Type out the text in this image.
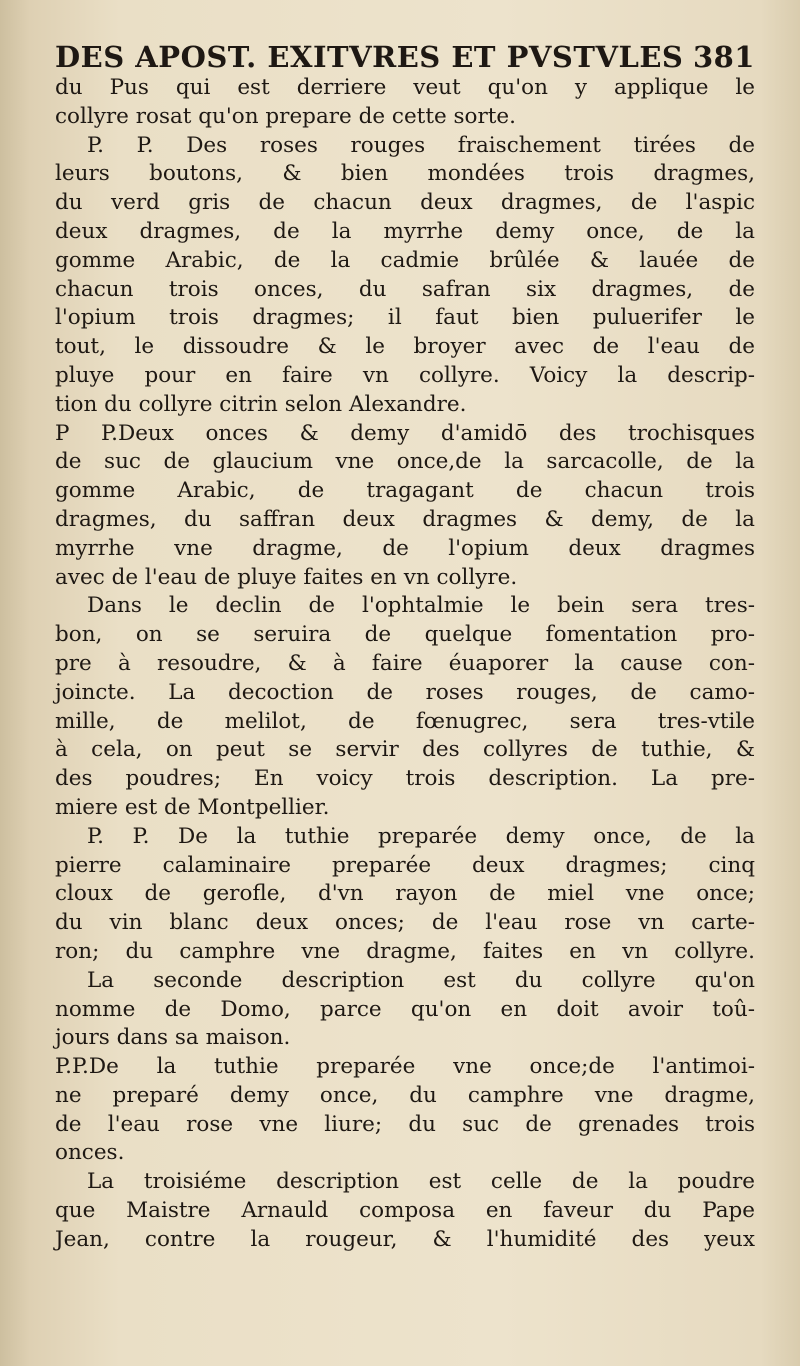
DES APOST. EXITVRES ET PVSTVLES 381
du Pus qui est derriere veut qu'on y applique le
collyre rosat qu'on prepare de cette sorte.
P. P. Des roses rouges fraischement tirées de
leurs boutons, & bien mondées trois dragmes,
du verd gris de chacun deux dragmes, de l'aspic
deux dragmes, de la myrrhe demy once, de la
gomme Arabic, de la cadmie brûlée & lauée de
chacun trois onces, du safran six dragmes, de
l'opium trois dragmes; il faut bien puluerifer le
tout, le dissoudre & le broyer avec de l'eau de
pluye pour en faire vn collyre. Voicy la descrip-
tion du collyre citrin selon Alexandre.
P P.Deux onces & demy d'amidō des trochisques
de suc de glaucium vne once,de la sarcacolle, de la
gomme Arabic, de tragagant de chacun trois
dragmes, du saffran deux dragmes & demy, de la
myrrhe vne dragme, de l'opium deux dragmes
avec de l'eau de pluye faites en vn collyre.
Dans le declin de l'ophtalmie le bein sera tres-
bon, on se seruira de quelque fomentation pro-
pre à resoudre, & à faire éuaporer la cause con-
joincte. La decoction de roses rouges, de camo-
mille, de melilot, de fœnugrec, sera tres-vtile
à cela, on peut se servir des collyres de tuthie, &
des poudres; En voicy trois description. La pre-
miere est de Montpellier.
P. P. De la tuthie preparée demy once, de la
pierre calaminaire preparée deux dragmes; cinq
cloux de gerofle, d'vn rayon de miel vne once;
du vin blanc deux onces; de l'eau rose vn carte-
ron; du camphre vne dragme, faites en vn collyre.
La seconde description est du collyre qu'on
nomme de Domo, parce qu'on en doit avoir toû-
jours dans sa maison.
P.P.De la tuthie preparée vne once;de l'antimoi-
ne preparé demy once, du camphre vne dragme,
de l'eau rose vne liure; du suc de grenades trois
onces.
La troisiéme description est celle de la poudre
que Maistre Arnauld composa en faveur du Pape
Jean, contre la rougeur, & l'humidité des yeux
